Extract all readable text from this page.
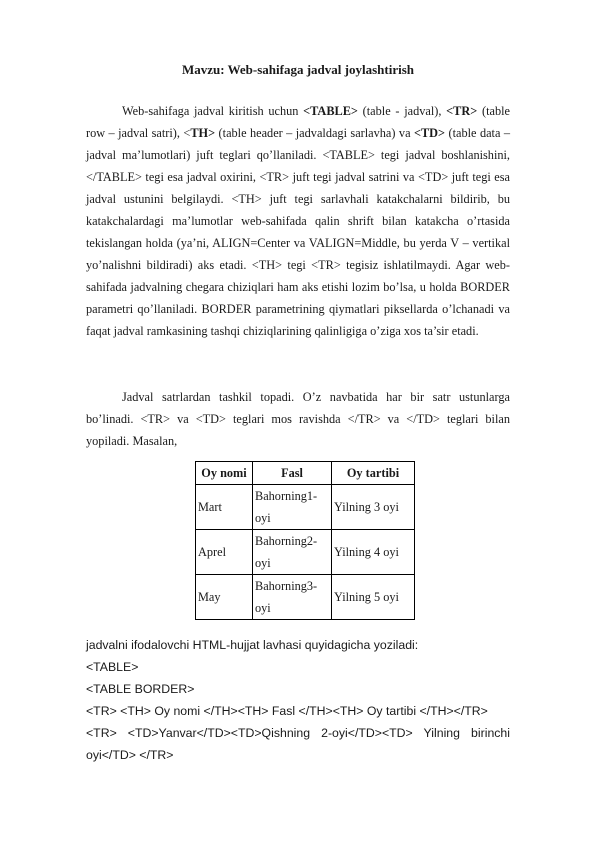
Mavzu: Web-sahifaga jadval joylashtirish

Web-sahifaga jadval kiritish uchun <TABLE> (table - jadval), <TR> (table row – jadval satri), <TH> (table header – jadvaldagi sarlavha) va <TD> (table data – jadval ma’lumotlari) juft teglari qo’llaniladi. <TABLE> tegi jadval boshlanishini, </TABLE> tegi esa jadval oxirini, <TR> juft tegi jadval satrini va <TD> juft tegi esa jadval ustunini belgilaydi. <TH> juft tegi sarlavhali katakchalarni bildirib, bu katakchalardagi ma’lumotlar web-sahifada qalin shrift bilan katakcha o’rtasida tekislangan holda (ya’ni, ALIGN=Center va VALIGN=Middle, bu yerda V – vertikal yo’nalishni bildiradi) aks etadi. <TH> tegi <TR> tegisiz ishlatilmaydi. Agar web-sahifada jadvalning chegara chiziqlari ham aks etishi lozim bo’lsa, u holda BORDER parametri qo’llaniladi. BORDER parametrining qiymatlari piksellarda o’lchanadi va faqat jadval ramkasining tashqi chiziqlarining qalinligiga o’ziga xos ta’sir etadi.

Jadval satrlardan tashkil topadi. O’z navbatida har bir satr ustunlarga bo’linadi. <TR> va <TD> teglari mos ravishda </TR> va </TD> teglari bilan yopiladi. Masalan,

Oy nomi	Fasl	Oy tartibi
Mart	Bahorning1-oyi	Yilning 3 oyi
Aprel	Bahorning2-oyi	Yilning 4 oyi
May	Bahorning3-oyi	Yilning 5 oyi
jadvalni ifodalovchi HTML-hujjat lavhasi quyidagicha yoziladi:
<TABLE>
<TABLE BORDER>
<TR> <TH> Oy nomi </TH><TH> Fasl </TH><TH> Oy tartibi </TH></TR>
<TR> <TD>Yanvar</TD><TD>Qishning 2-oyi</TD><TD> Yilning birinchi
oyi</TD> </TR>
